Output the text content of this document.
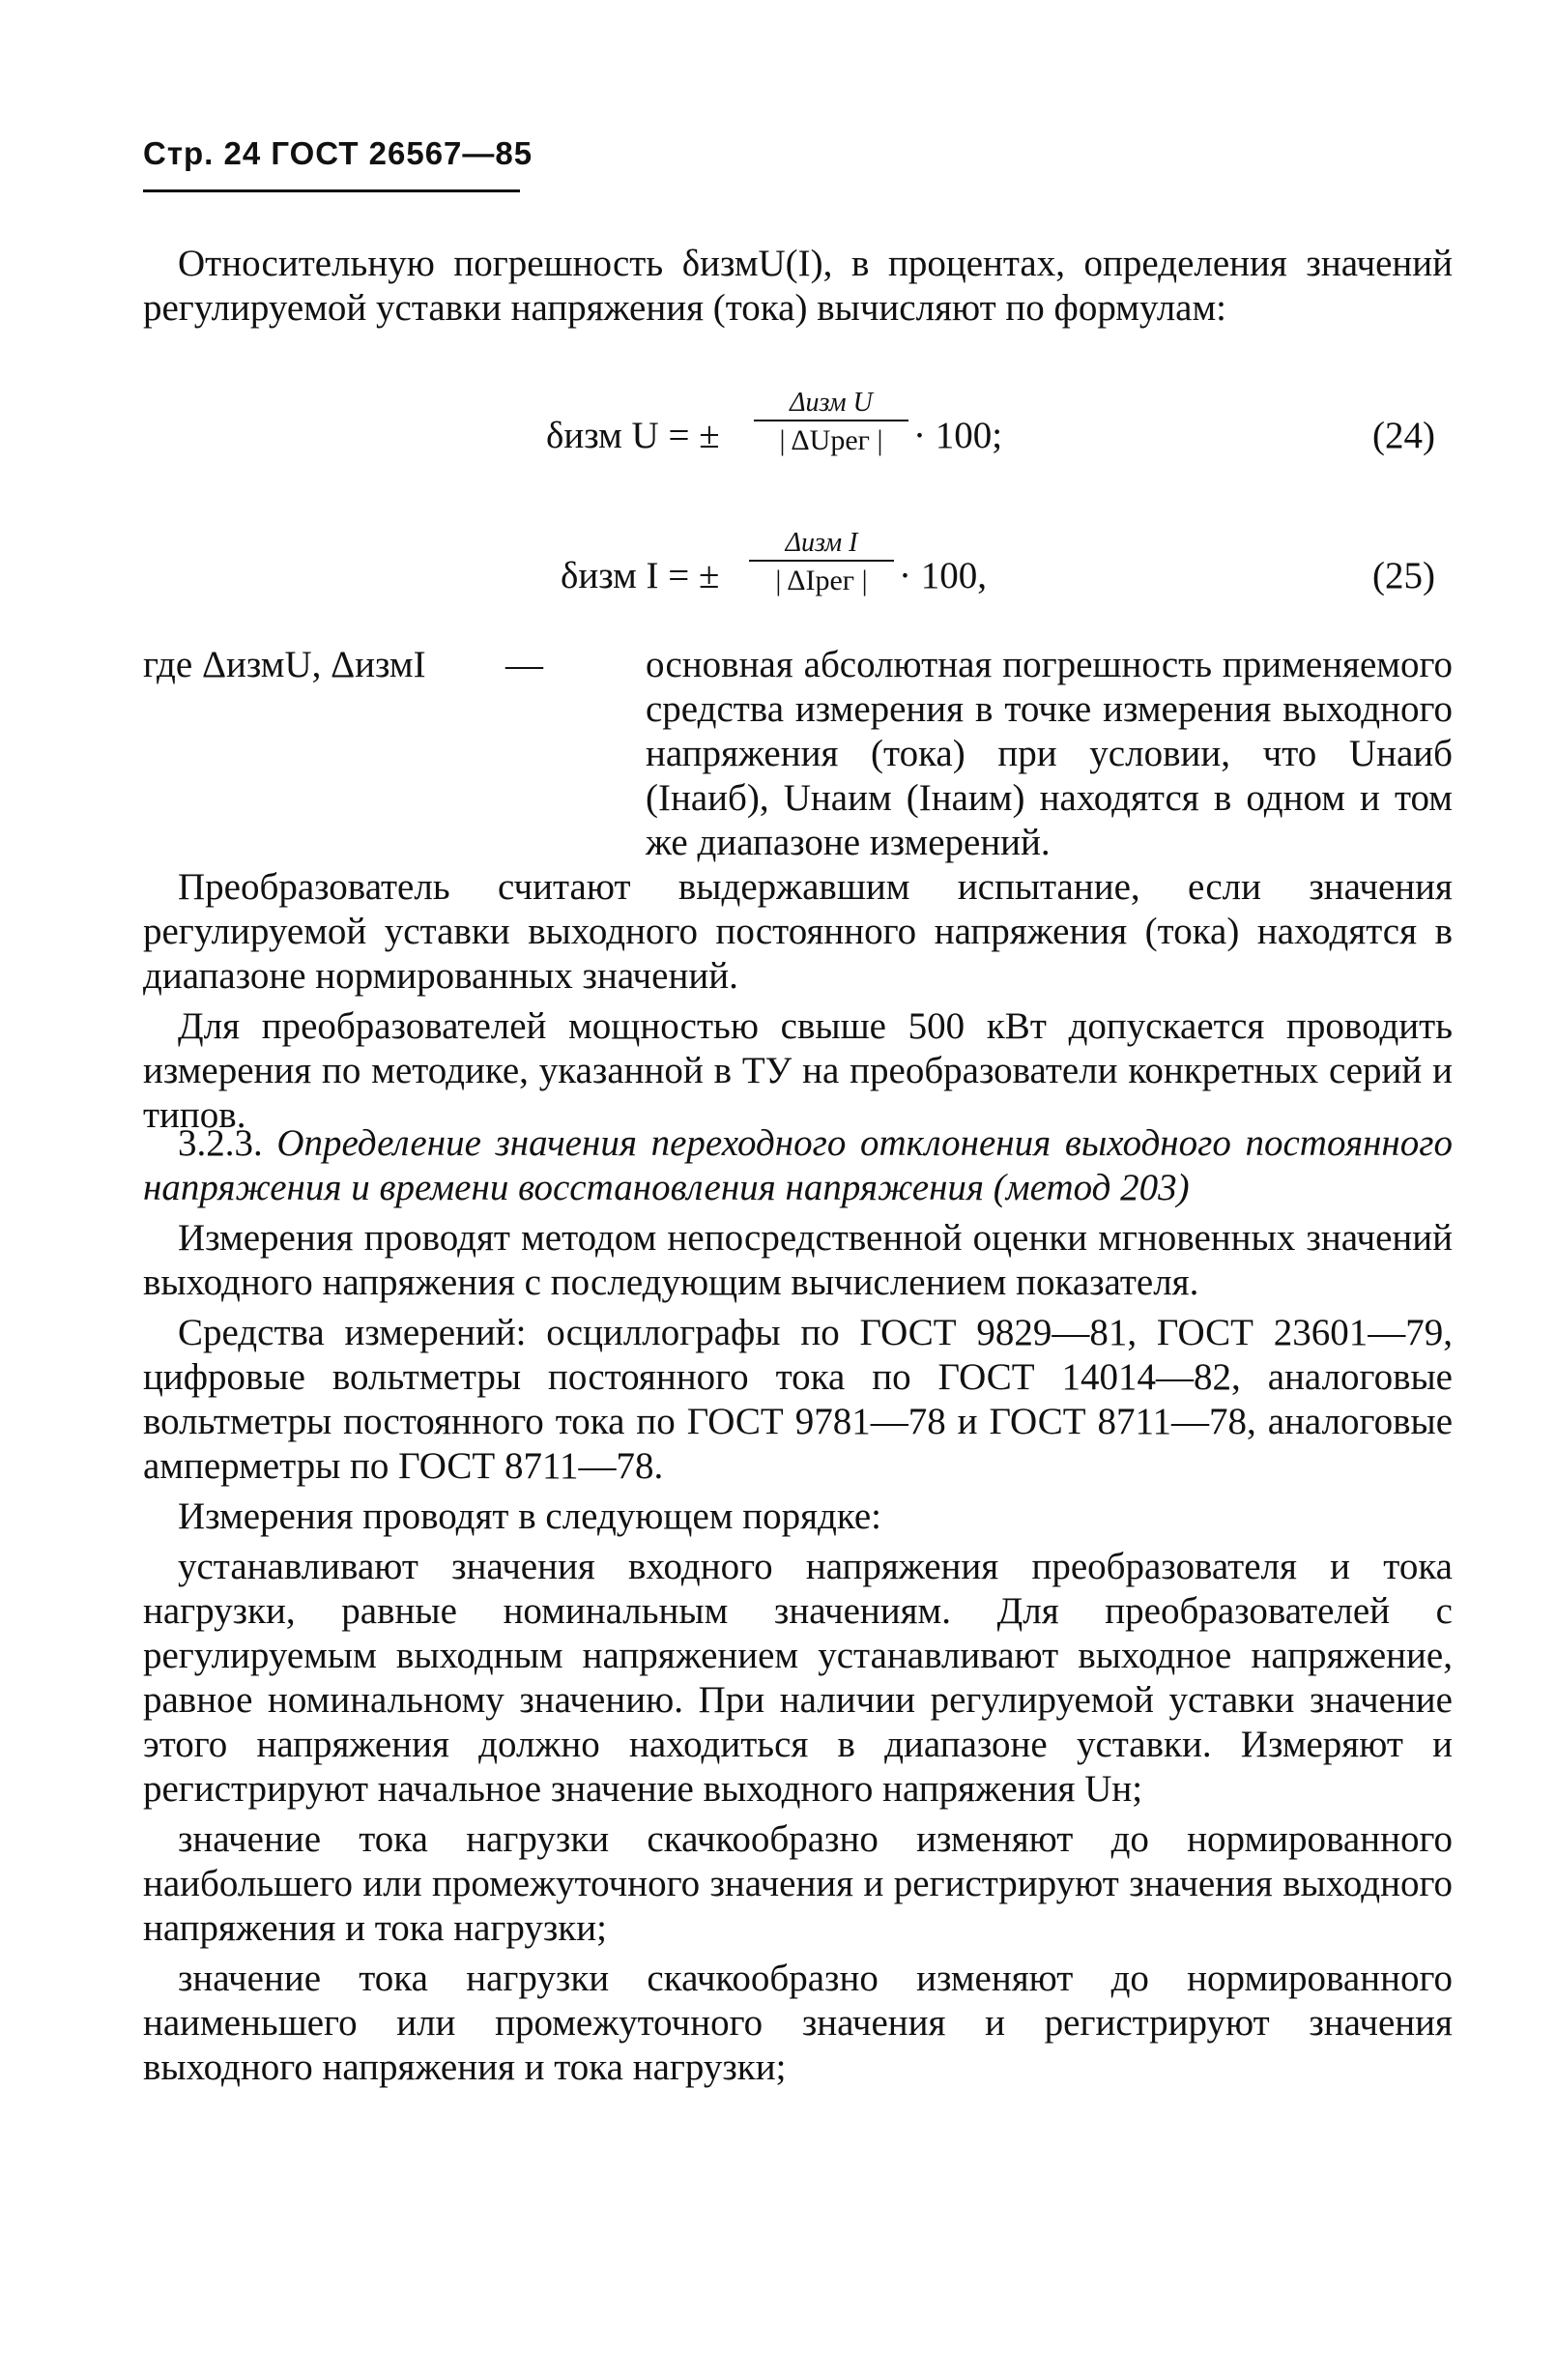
Стр. 24 ГОСТ 26567—85

Относительную погрешность δизмU(I), в процентах, определения значений регулируемой уставки напряжения (тока) вычисляют по формулам:

δизм U = ±
Δизм U
| ΔUрег | · 100;	(24)
δизм I = ±
Δизм I
| ΔIрег | · 100,	(25)
где ΔизмU, ΔизмI	—	основная абсолютная погрешность применяемого средства измерения в точке измерения выходного напряжения (тока) при условии, что Uнаиб (Iнаиб), Uнаим (Iнаим) находятся в одном и том же диапазоне измерений.

Преобразователь считают выдержавшим испытание, если значения регулируемой уставки выходного постоянного напряжения (тока) находятся в диапазоне нормированных значений.

Для преобразователей мощностью свыше 500 кВт допускается проводить измерения по методике, указанной в ТУ на преобразователи конкретных серий и типов.

3.2.3. Определение значения переходного отклонения выходного постоянного напряжения и времени восстановления напряжения (метод 203)

Измерения проводят методом непосредственной оценки мгновенных значений выходного напряжения с последующим вычислением показателя.

Средства измерений: осциллографы по ГОСТ 9829—81, ГОСТ 23601—79, цифровые вольтметры постоянного тока по ГОСТ 14014—82, аналоговые вольтметры постоянного тока по ГОСТ 9781—78 и ГОСТ 8711—78, аналоговые амперметры по ГОСТ 8711—78.

Измерения проводят в следующем порядке:

устанавливают значения входного напряжения преобразователя и тока нагрузки, равные номинальным значениям. Для преобразователей с регулируемым выходным напряжением устанавливают выходное напряжение, равное номинальному значению. При наличии регулируемой уставки значение этого напряжения должно находиться в диапазоне уставки. Измеряют и регистрируют начальное значение выходного напряжения Uн;

значение тока нагрузки скачкообразно изменяют до нормированного наибольшего или промежуточного значения и регистрируют значения выходного напряжения и тока нагрузки;

значение тока нагрузки скачкообразно изменяют до нормированного наименьшего или промежуточного значения и регистрируют значения выходного напряжения и тока нагрузки;
